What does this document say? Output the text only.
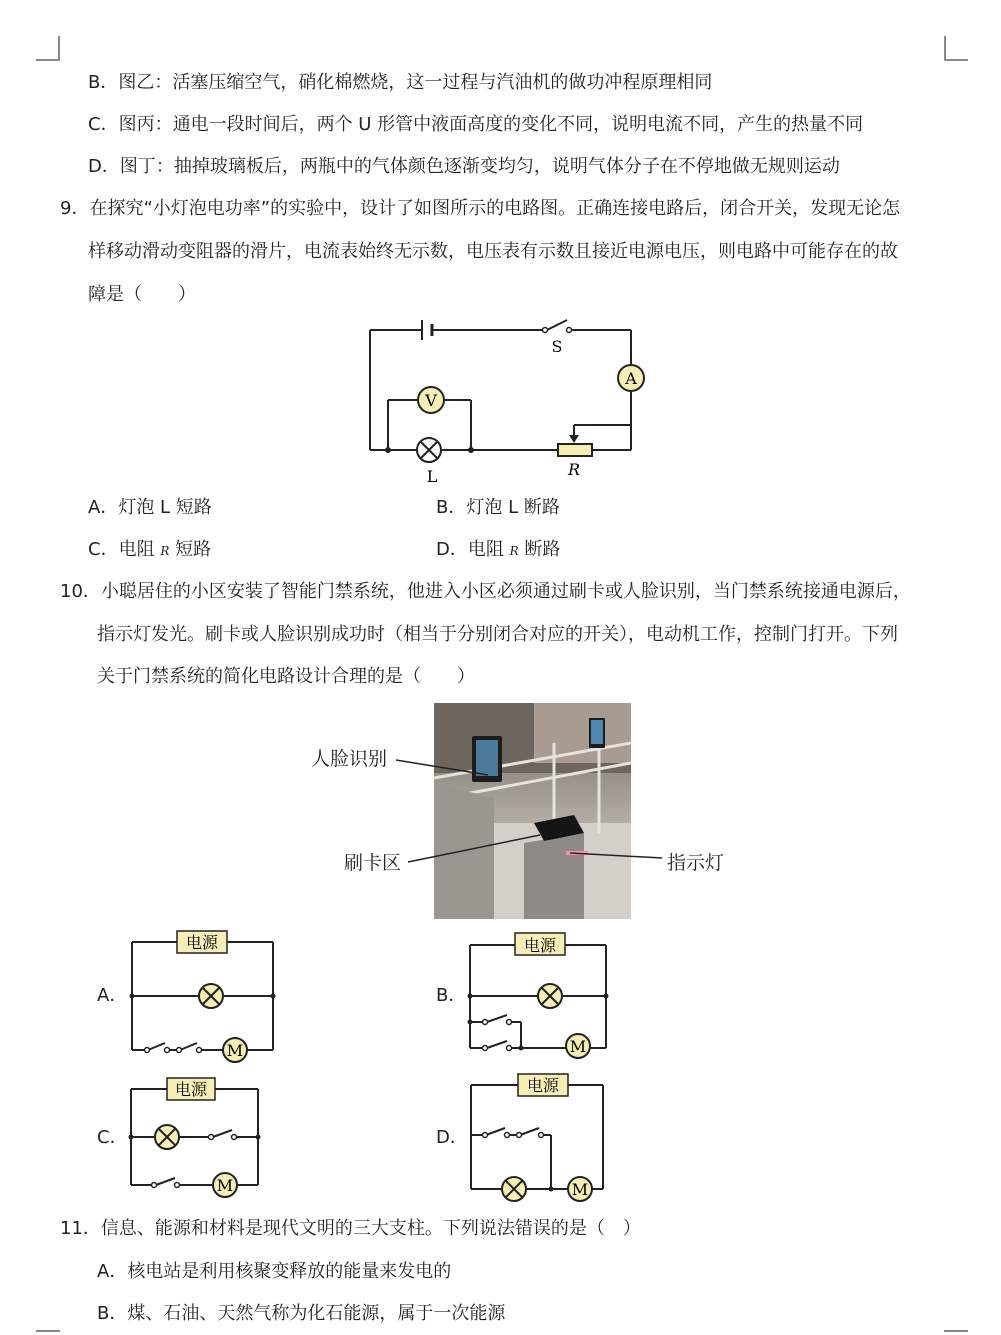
B．图乙：活塞压缩空气，硝化棉燃烧，这一过程与汽油机的做功冲程原理相同
C．图丙：通电一段时间后，两个 U 形管中液面高度的变化不同，说明电流不同，产生的热量不同
D．图丁：抽掉玻璃板后，两瓶中的气体颜色逐渐变均匀，说明气体分子在不停地做无规则运动
9．在探究“小灯泡电功率”的实验中，设计了如图所示的电路图。正确连接电路后，闭合开关，发现无论怎
样移动滑动变阻器的滑片，电流表始终无示数，电压表有示数且接近电源电压，则电路中可能存在的故
障是（　　）
A
V
S
L	R
A．灯泡 L 短路	B．灯泡 L 断路
C．电阻 R 短路	D．电阻 R 断路
10．小聪居住的小区安装了智能门禁系统，他进入小区必须通过刷卡或人脸识别，当门禁系统接通电源后，
指示灯发光。刷卡或人脸识别成功时（相当于分别闭合对应的开关），电动机工作，控制门打开。下列
关于门禁系统的简化电路设计合理的是（　　）
人脸识别
刷卡区	指示灯
A．	B．
C．	D．
电源
M
电源
M
电源
M
电源
M
11．信息、能源和材料是现代文明的三大支柱。下列说法错误的是（　）
A．核电站是利用核聚变释放的能量来发电的
B．煤、石油、天然气称为化石能源，属于一次能源
